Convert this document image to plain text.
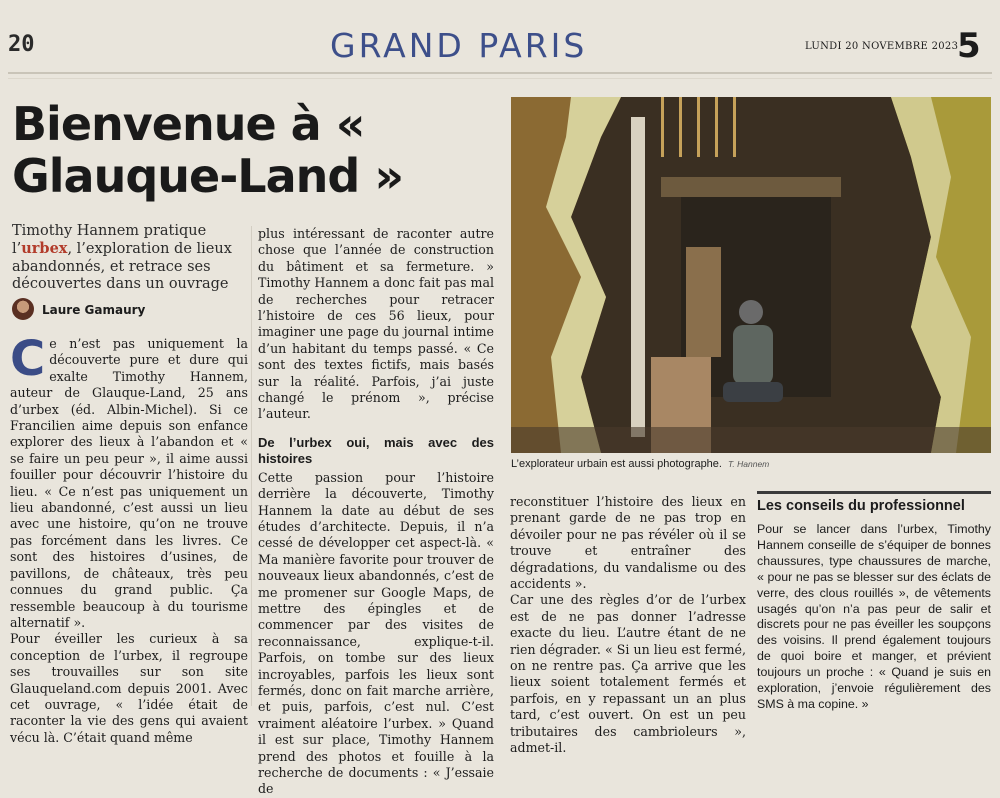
20	GRAND PARIS	LUNDI 20 NOVEMBRE 2023
5
Bienvenue à « Glauque-Land »
Timothy Hannem pratique l’urbex, l’exploration de lieux abandonnés, et retrace ses découvertes dans un ouvrage
Laure Gamaury

Ce n’est pas uniquement la découverte pure et dure qui exalte Timothy Hannem, auteur de Glauque-Land, 25 ans d’urbex (éd. Albin-Michel). Si ce Francilien aime depuis son enfance explorer des lieux à l’abandon et « se faire un peu peur », il aime aussi fouiller pour découvrir l’histoire du lieu. « Ce n’est pas uniquement un lieu abandonné, c’est aussi un lieu avec une histoire, qu’on ne trouve pas forcément dans les livres. Ce sont des histoires d’usines, de pavillons, de châteaux, très peu connues du grand public. Ça ressemble beaucoup à du tourisme alternatif ».

Pour éveiller les curieux à sa conception de l’urbex, il regroupe ses trouvailles sur son site Glauqueland.com depuis 2001. Avec cet ouvrage, « l’idée était de raconter la vie des gens qui avaient vécu là. C’était quand même

plus intéressant de raconter autre chose que l’année de construction du bâtiment et sa fermeture. » Timothy Hannem a donc fait pas mal de recherches pour retracer l’histoire de ces 56 lieux, pour imaginer une page du journal intime d’un habitant du temps passé. « Ce sont des textes fictifs, mais basés sur la réalité. Parfois, j’ai juste changé le prénom », précise l’auteur.

De l’urbex oui, mais avec des histoires

Cette passion pour l’histoire derrière la découverte, Timothy Hannem la date au début de ses études d’architecte. Depuis, il n’a cessé de développer cet aspect-là. « Ma manière favorite pour trouver de nouveaux lieux abandonnés, c’est de me promener sur Google Maps, de mettre des épingles et de commencer par des visites de reconnaissance, explique-t-il. Parfois, on tombe sur des lieux incroyables, parfois les lieux sont fermés, donc on fait marche arrière, et puis, parfois, c’est nul. C’est vraiment aléatoire l’urbex. » Quand il est sur place, Timothy Hannem prend des photos et fouille à la recherche de documents : « J’essaie de

L’explorateur urbain est aussi photographe. T. Hannem

reconstituer l’histoire des lieux en prenant garde de ne pas trop en dévoiler pour ne pas révéler où il se trouve et entraîner des dégradations, du vandalisme ou des accidents ».

Car une des règles d’or de l’urbex est de ne pas donner l’adresse exacte du lieu. L’autre étant de ne rien dégrader. « Si un lieu est fermé, on ne rentre pas. Ça arrive que les lieux soient totalement fermés et parfois, en y repassant un an plus tard, c’est ouvert. On est un peu tributaires des cambrioleurs », admet-il.

Les conseils du professionnel
Pour se lancer dans l’urbex, Timothy Hannem conseille de s’équiper de bonnes chaussures, type chaussures de marche, « pour ne pas se blesser sur des éclats de verre, des clous rouillés », de vêtements usagés qu’on n’a pas peur de salir et discrets pour ne pas éveiller les soupçons des voisins. Il prend également toujours de quoi boire et manger, et prévient toujours un proche : « Quand je suis en exploration, j’envoie régulièrement des SMS à ma copine. »
